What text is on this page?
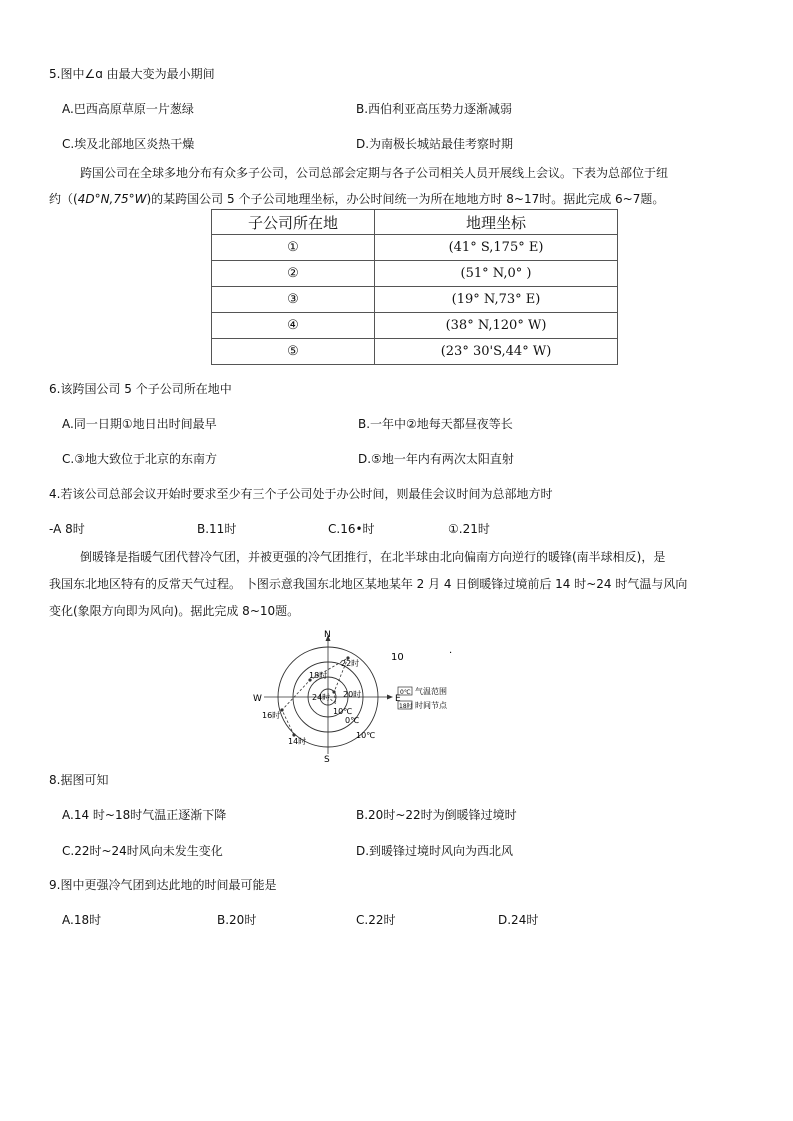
5.图中∠ɑ 由最大变为最小期间
A.巴西高原草原一片葱绿	B.西伯利亚高压势力逐渐减弱
C.埃及北部地区炎热干燥	D.为南极长城站最佳考察时期
跨国公司在全球多地分布有众多子公司，公司总部会定期与各子公司相关人员开展线上会议。下表为总部位于纽
约（(4D°N,75°W)的某跨国公司 5 个子公司地理坐标，办公时间统一为所在地地方时 8~17时。据此完成 6~7题。
子公司所在地	地理坐标
①	(41° S,175° E)
②	(51° N,0° )
③	(19° N,73° E)
④	(38° N,120° W)
⑤	(23° 30'S,44° W)
6.该跨国公司 5 个子公司所在地中
A.同一日期①地日出时间最早	B.一年中②地每天都昼夜等长
C.③地大致位于北京的东南方	D.⑤地一年内有两次太阳直射
4.若该公司总部会议开始时要求至少有三个子公司处于办公时间，则最佳会议时间为总部地方时
-A 8时	B.11时	C.16•时	①.21时
倒暖锋是指暖气团代替冷气团，并被更强的冷气团推行，在北半球由北向偏南方向逆行的暖锋(南半球相反)，是
我国东北地区特有的反常天气过程。 卜图示意我国东北地区某地某年 2 月 4 日倒暖锋过境前后 14 时~24 时气温与风向
变化(象限方向即为风向)。据此完成 8~10题。
N
S
E
W
14时
16时
18时
20时
22时
24时
10℃
0℃
10℃
0℃ 气温范围
18时 时间节点
10	·
8.据图可知
A.14 时~18时气温正逐渐下降	B.20时~22时为倒暖锋过境时
C.22时~24时风向未发生变化	D.到暖锋过境时风向为西北风
9.图中更强冷气团到达此地的时间最可能是
A.18时	B.20时	C.22时	D.24时
